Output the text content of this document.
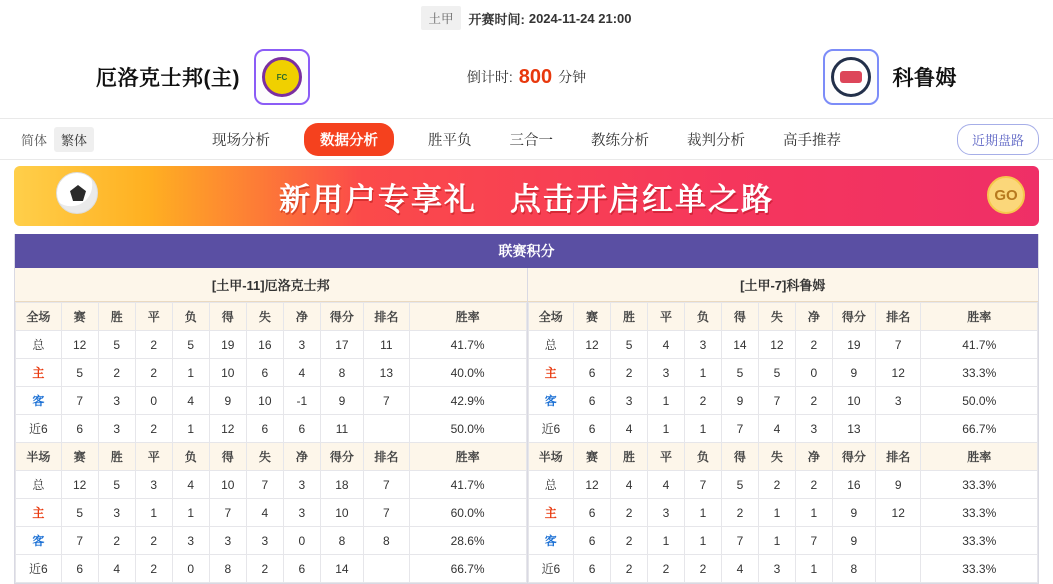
土甲	开赛时间: 2024-11-24 21:00
倒计时: 800 分钟
厄洛克士邦(主)	FC	科鲁姆
简体	繁体	现场分析	数据分析	胜平负	三合一	教练分析	裁判分析	高手推荐	近期盘路
新用户专享礼　点击开启红单之路	GO
联赛积分
[土甲-11]厄洛克士邦
全场	赛	胜	平	负	得	失	净	得分	排名	胜率
总	12	5	2	5	19	16	3	17	11	41.7%
主	5	2	2	1	10	6	4	8	13	40.0%
客	7	3	0	4	9	10	-1	9	7	42.9%
近6	6	3	2	1	12	6	6	11		50.0%
半场	赛	胜	平	负	得	失	净	得分	排名	胜率
总	12	5	3	4	10	7	3	18	7	41.7%
主	5	3	1	1	7	4	3	10	7	60.0%
客	7	2	2	3	3	3	0	8	8	28.6%
近6	6	4	2	0	8	2	6	14		66.7%
[土甲-7]科鲁姆
全场	赛	胜	平	负	得	失	净	得分	排名	胜率
总	12	5	4	3	14	12	2	19	7	41.7%
主	6	2	3	1	5	5	0	9	12	33.3%
客	6	3	1	2	9	7	2	10	3	50.0%
近6	6	4	1	1	7	4	3	13		66.7%
半场	赛	胜	平	负	得	失	净	得分	排名	胜率
总	12	4	4	7	5	2	2	16	9	33.3%
主	6	2	3	1	2	1	1	9	12	33.3%
客	6	2	1	1	7	1	7	9		33.3%
近6	6	2	2	2	4	3	1	8		33.3%
